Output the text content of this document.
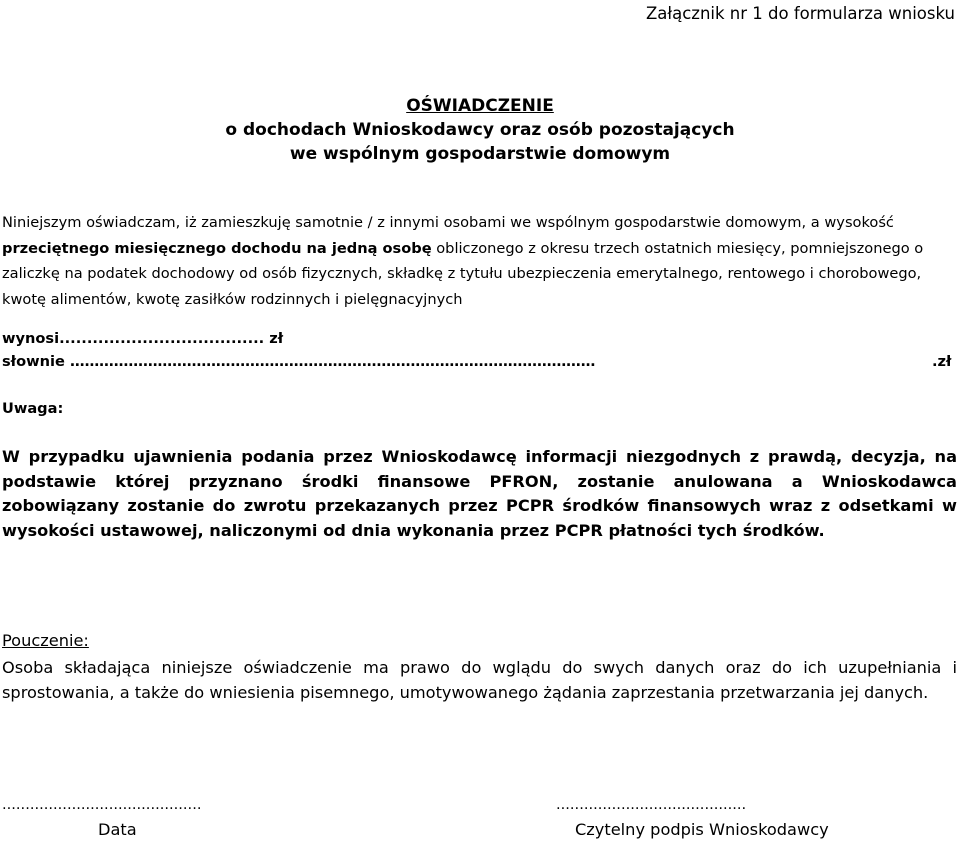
Załącznik nr 1 do formularza wniosku
OŚWIADCZENIE
o dochodach Wnioskodawcy oraz osób pozostających
we wspólnym gospodarstwie domowym
Niniejszym oświadczam, iż zamieszkuję samotnie / z innymi osobami we wspólnym gospodarstwie domowym, a wysokość przeciętnego miesięcznego dochodu na jedną osobę obliczonego z okresu trzech ostatnich miesięcy, pomniejszonego o zaliczkę na podatek dochodowy od osób fizycznych, składkę z tytułu ubezpieczenia emerytalnego, rentowego i chorobowego, kwotę alimentów, kwotę zasiłków rodzinnych i pielęgnacyjnych
wynosi..................................... zł
słownie ………………………………………………………………………………………………	.zł
Uwaga:
W przypadku ujawnienia podania przez Wnioskodawcę informacji niezgodnych z prawdą, decyzja, na podstawie której przyznano środki finansowe PFRON, zostanie anulowana a Wnioskodawca zobowiązany zostanie do zwrotu przekazanych przez PCPR środków finansowych wraz z odsetkami w wysokości ustawowej, naliczonymi od dnia wykonania przez PCPR płatności tych środków.
Pouczenie:
Osoba składająca niniejsze oświadczenie ma prawo do wglądu do swych danych oraz do ich uzupełniania i sprostowania, a także do wniesienia pisemnego, umotywowanego żądania zaprzestania przetwarzania jej danych.
...........................................	.........................................
Data	Czytelny podpis Wnioskodawcy
